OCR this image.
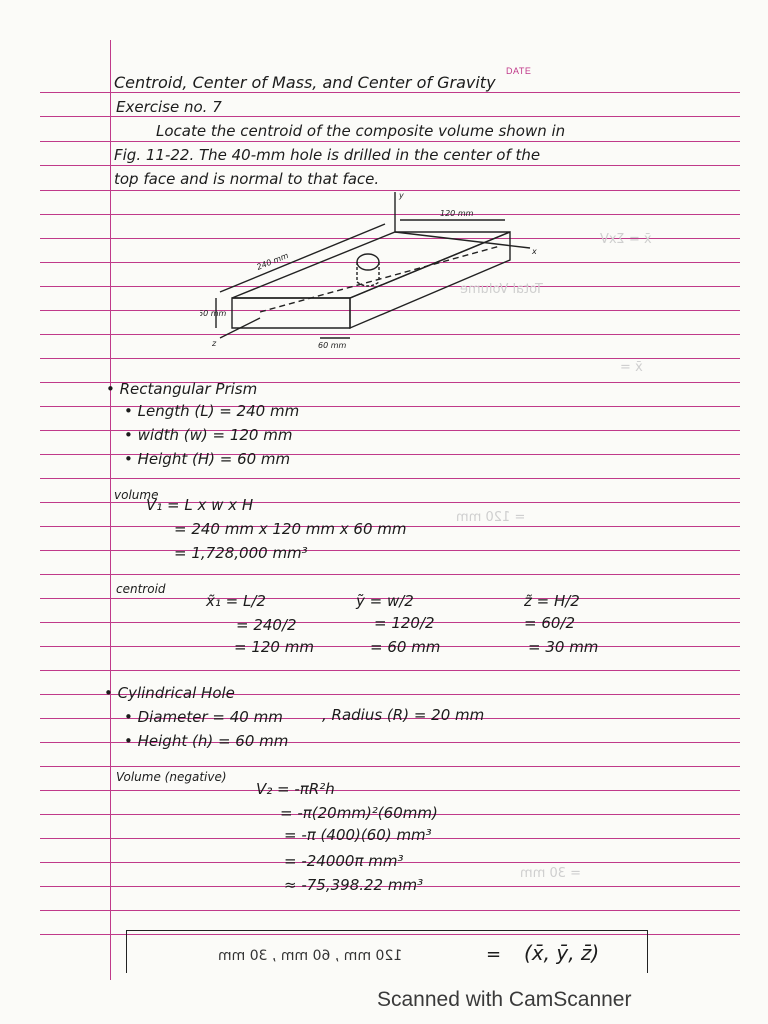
DATE
x̄ = ΣxV
x̄ =
Total Volume
= 120 mm
= 30 mm
Centroid, Center of Mass, and Center of Gravity
Exercise no. 7
Locate the centroid of the composite volume shown in
Fig. 11-22. The 40-mm hole is drilled in the center of the
top face and is normal to that face.
y
x
z
120 mm
240 mm
60 mm
60 mm
• Rectangular Prism
• Length (L) = 240 mm
• width (w) = 120 mm
• Height (H) = 60 mm
volume
V₁ = L x w x H
= 240 mm x 120 mm x 60 mm
= 1,728,000 mm³
centroid
x̃₁ = L/2	ỹ = w/2	z̃ = H/2
= 240/2	= 120/2	= 60/2
= 120 mm	= 60 mm	= 30 mm
• Cylindrical Hole
• Diameter = 40 mm	, Radius (R) = 20 mm
• Height (h) = 60 mm
Volume (negative)
V₂ = -πR²h
= -π(20mm)²(60mm)
= -π (400)(60) mm³
= -24000π mm³
≈ -75,398.22 mm³
120 mm , 60 mm , 30 mm	= (x̄, ȳ, z̄)
Scanned with CamScanner
